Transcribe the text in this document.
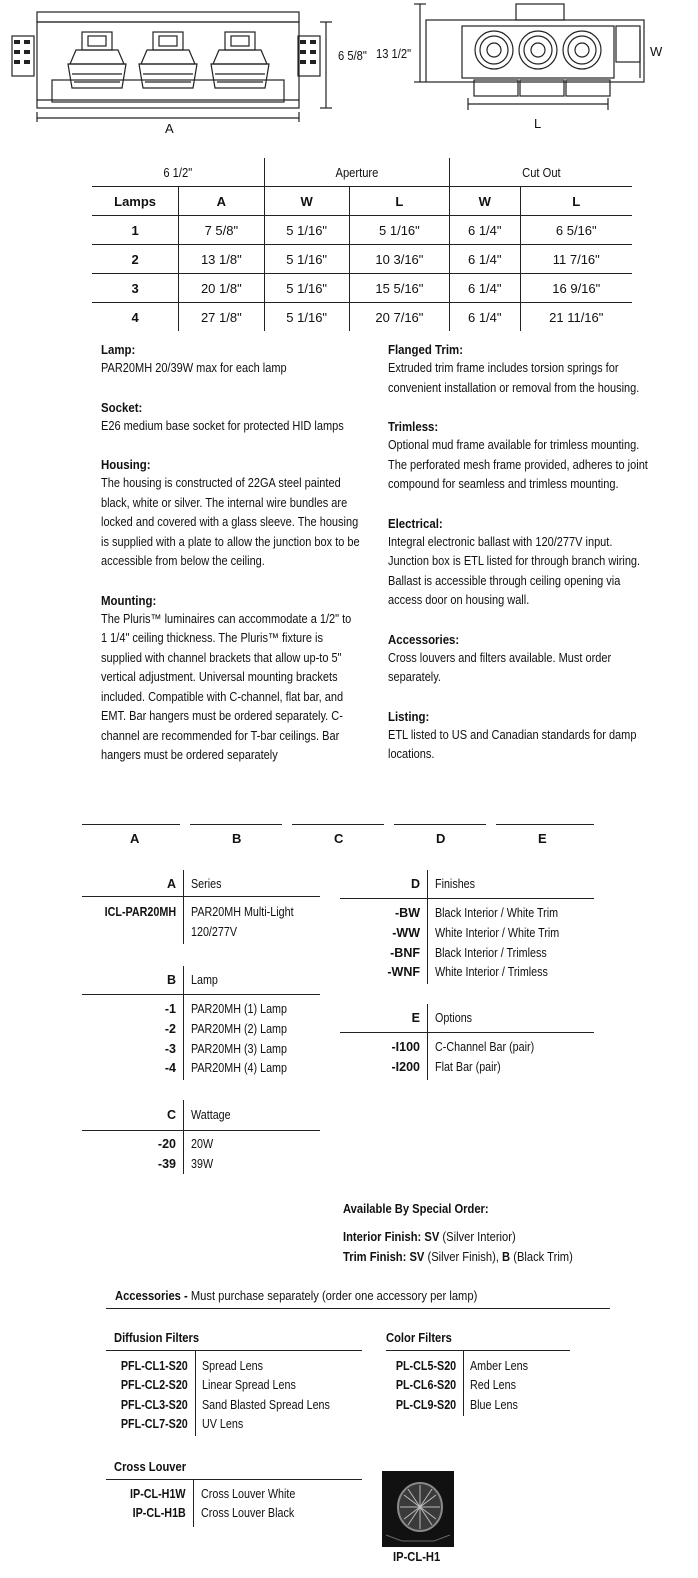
6 5/8"
A
13 1/2"	W
L
6 1/2"		Aperture		Cut Out	
Lamps	A	W	L	W	L
1	7 5/8"	5 1/16"	5 1/16"	6 1/4"	6 5/16"
2	13 1/8"	5 1/16"	10 3/16"	6 1/4"	11 7/16"
3	20 1/8"	5 1/16"	15 5/16"	6 1/4"	16 9/16"
4	27 1/8"	5 1/16"	20 7/16"	6 1/4"	21 11/16"
Lamp:

PAR20MH 20/39W max for each lamp

Socket:

E26 medium base socket for protected HID lamps

Housing:

The housing is constructed of 22GA steel painted black, white or silver. The internal wire bundles are locked and covered with a glass sleeve. The housing is supplied with a plate to allow the junction box to be accessible from below the ceiling.

Mounting:

The Pluris™ luminaires can accommodate a 1/2" to 1 1/4" ceiling thickness. The Pluris™ fixture is supplied with channel brackets that allow up-to 5" vertical adjustment. Universal mounting brackets included. Compatible with C-channel, flat bar, and EMT. Bar hangers must be ordered separately. C-channel are recommended for T-bar ceilings. Bar hangers must be ordered separately

Flanged Trim:

Extruded trim frame includes torsion springs for convenient installation or removal from the housing.

Trimless:

Optional mud frame available for trimless mounting. The perforated mesh frame provided, adheres to joint compound for seamless and trimless mounting.

Electrical:

Integral electronic ballast with 120/277V input. Junction box is ETL listed for through branch wiring. Ballast is accessible through ceiling opening via access door on housing wall.

Accessories:

Cross louvers and filters available. Must order separately.

Listing:

ETL listed to US and Canadian standards for damp locations.

A	B	C	D	E
A Series
ICL-PAR20MH PAR20MH Multi-Light
120/277V
B Lamp
-1 PAR20MH (1) Lamp
-2 PAR20MH (2) Lamp
-3 PAR20MH (3) Lamp
-4 PAR20MH (4) Lamp
C Wattage
-20 20W
-39 39W
D Finishes
-BW Black Interior / White Trim
-WW White Interior / White Trim
-BNF Black Interior / Trimless
-WNF White Interior / Trimless
E Options
-I100 C-Channel Bar (pair)
-I200 Flat Bar (pair)
Available By Special Order:
Interior Finish: SV (Silver Interior)
Trim Finish: SV (Silver Finish), B (Black Trim)
Accessories - Must purchase separately (order one accessory per lamp)
Diffusion Filters
PFL-CL1-S20 Spread Lens
PFL-CL2-S20 Linear Spread Lens
PFL-CL3-S20 Sand Blasted Spread Lens
PFL-CL7-S20 UV Lens
Color Filters
PL-CL5-S20 Amber Lens
PL-CL6-S20 Red Lens
PL-CL9-S20 Blue Lens
Cross Louver
IP-CL-H1W Cross Louver White
IP-CL-H1B Cross Louver Black
IP-CL-H1
